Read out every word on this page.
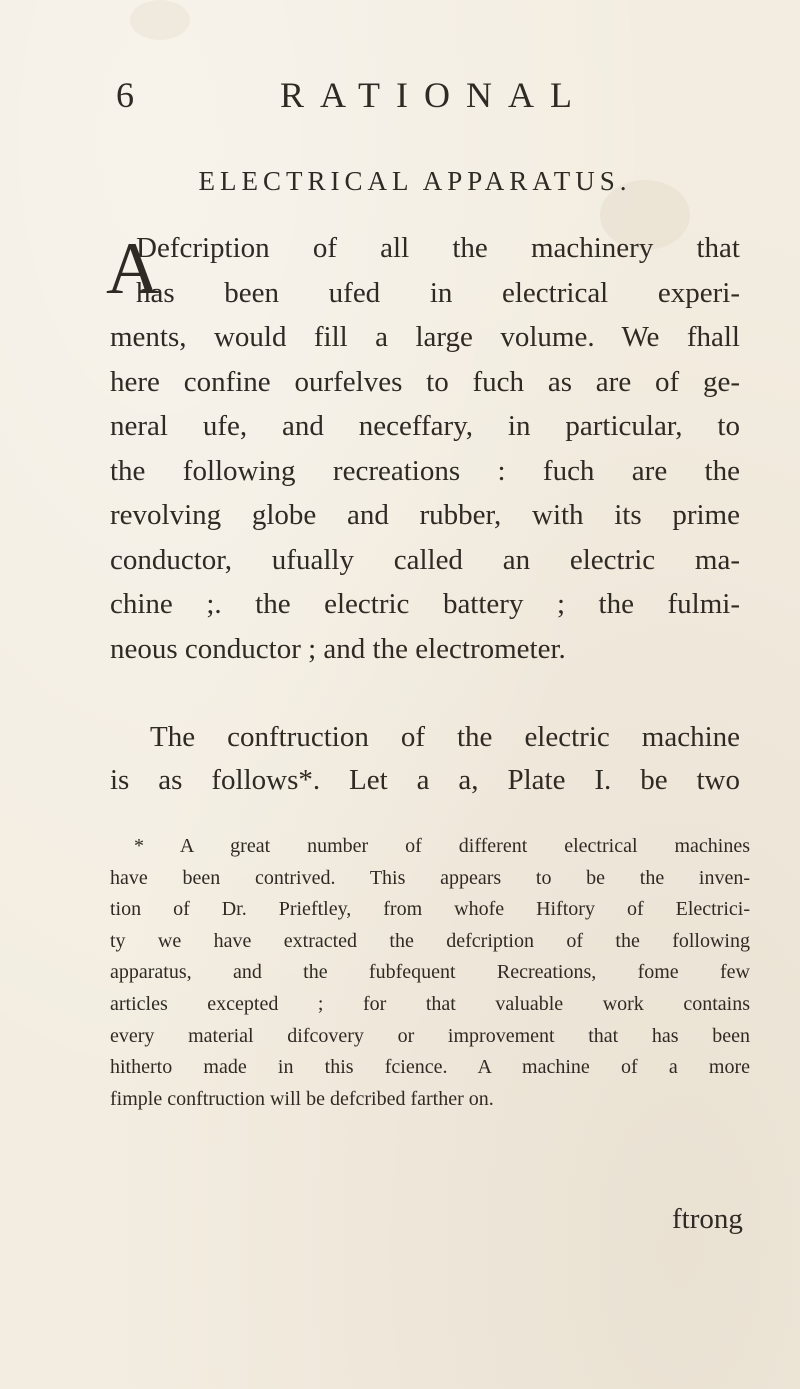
6	RATIONAL
ELECTRICAL APPARATUS.
A
Defcription of all the machinery that
has been ufed in electrical experi-
ments, would fill a large volume. We fhall
here confine ourfelves to fuch as are of ge-
neral ufe, and neceffary, in particular, to
the following recreations : fuch are the
revolving globe and rubber, with its prime
conductor, ufually called an electric ma-
chine ;. the electric battery ; the fulmi-
neous conductor ; and the electrometer.
The conftruction of the electric machine
is as follows*. Let a a, Plate I. be two
* A great number of different electrical machines
have been contrived. This appears to be the inven-
tion of Dr. Prieftley, from whofe Hiftory of Electrici-
ty we have extracted the defcription of the following
apparatus, and the fubfequent Recreations, fome few
articles excepted ; for that valuable work contains
every material difcovery or improvement that has been
hitherto made in this fcience. A machine of a more
fimple conftruction will be defcribed farther on.
ftrong
